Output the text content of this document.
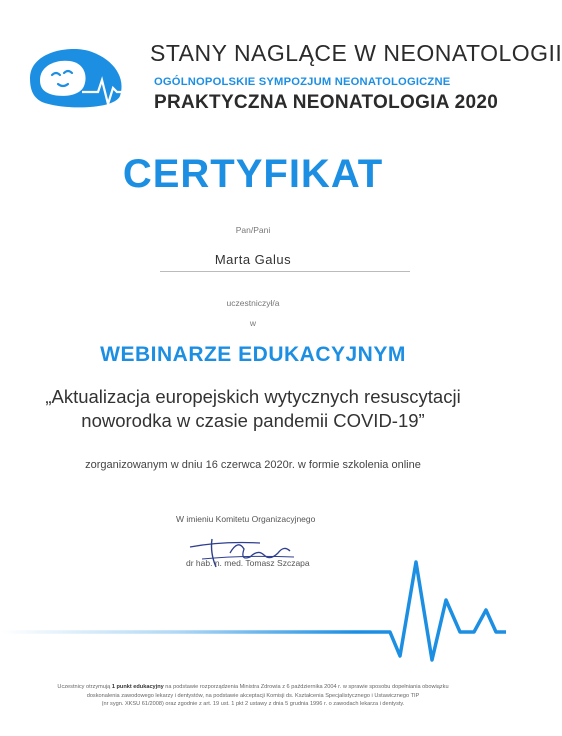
STANY NAGLĄCE W NEONATOLOGII
OGÓLNOPOLSKIE SYMPOZJUM NEONATOLOGICZNE
PRAKTYCZNA NEONATOLOGIA 2020
CERTYFIKAT
Pan/Pani
Marta Galus
uczestniczył/a
w
WEBINARZE EDUKACYJNYM
„Aktualizacja europejskich wytycznych resuscytacji
noworodka w czasie pandemii COVID-19”
zorganizowanym w dniu 16 czerwca 2020r. w formie szkolenia online
W imieniu Komitetu Organizacyjnego
dr hab. n. med. Tomasz Szczapa
Uczestnicy otrzymują 1 punkt edukacyjny na podstawie rozporządzenia Ministra Zdrowia z 6 października 2004 r. w sprawie sposobu dopełniania obowiązku
doskonalenia zawodowego lekarzy i dentystów, na podstawie akceptacji Komisji ds. Kształcenia Specjalistycznego i Ustawicznego TIP
(nr sygn. XKSU 61/2008) oraz zgodnie z art. 19 ust. 1 pkt 2 ustawy z dnia 5 grudnia 1996 r. o zawodach lekarza i dentysty.
